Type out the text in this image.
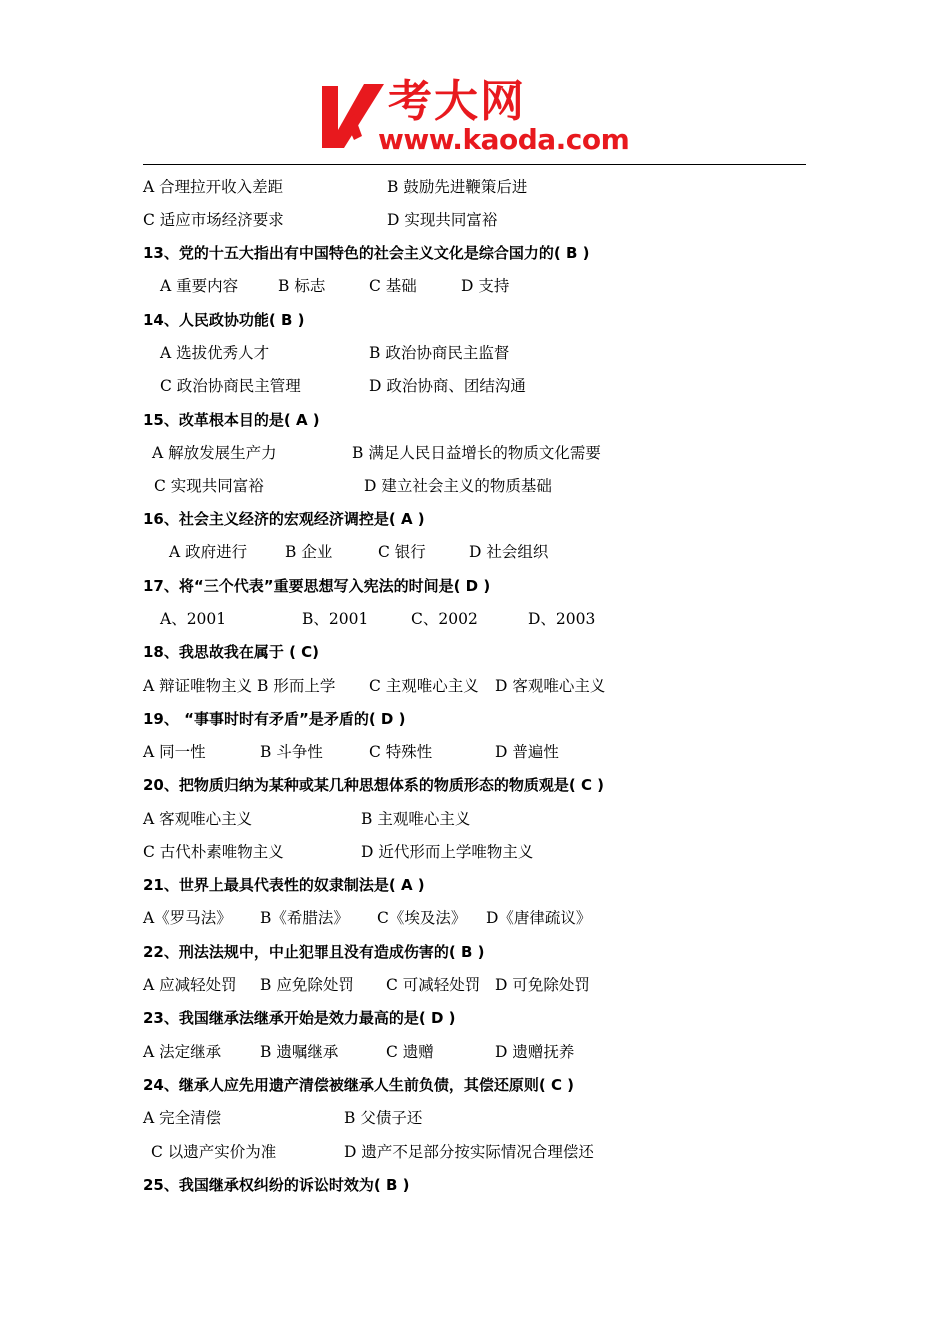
考大网
www.kaoda.com

A 合理拉开收入差距

	B 鼓励先进鞭策后进

C 适应市场经济要求

	D 实现共同富裕

13、党的十五大指出有中国特色的社会主义文化是综合国力的( B )

A 重要内容

	B 标志

	C 基础

	D 支持

14、人民政协功能( B )

A 选拔优秀人才

	B 政治协商民主监督

C 政治协商民主管理

	D 政治协商、团结沟通

15、改革根本目的是( A )

A 解放发展生产力

	B 满足人民日益增长的物质文化需要

C 实现共同富裕

	D 建立社会主义的物质基础

16、社会主义经济的宏观经济调控是( A )

A 政府进行

B 企业

	C 银行

	D 社会组织

17、将“三个代表”重要思想写入宪法的时间是( D )

A、2001

	B、2001

	C、2002

	D、2003

18、我思故我在属于 ( C)

A 辩证唯物主义 B 形而上学

C 主观唯心主义

D 客观唯心主义

19、 “事事时时有矛盾”是矛盾的( D )

A 同一性

	B 斗争性

	C 特殊性

	D 普遍性

20、把物质归纳为某种或某几种思想体系的物质形态的物质观是( C )

A 客观唯心主义

	B 主观唯心主义

C 古代朴素唯物主义

	D 近代形而上学唯物主义

21、世界上最具代表性的奴隶制法是( A )

A《罗马法》

B《希腊法》

C《埃及法》

D《唐律疏议》

22、刑法法规中，中止犯罪且没有造成伤害的( B )

A 应减轻处罚

B 应免除处罚

C 可减轻处罚

D 可免除处罚

23、我国继承法继承开始是效力最高的是( D )

A 法定继承

	B 遗嘱继承

	C 遗赠

	D 遗赠抚养

24、继承人应先用遗产清偿被继承人生前负债，其偿还原则( C )

A 完全清偿

	B 父债子还

C 以遗产实价为准

	D 遗产不足部分按实际情况合理偿还

25、我国继承权纠纷的诉讼时效为( B )
